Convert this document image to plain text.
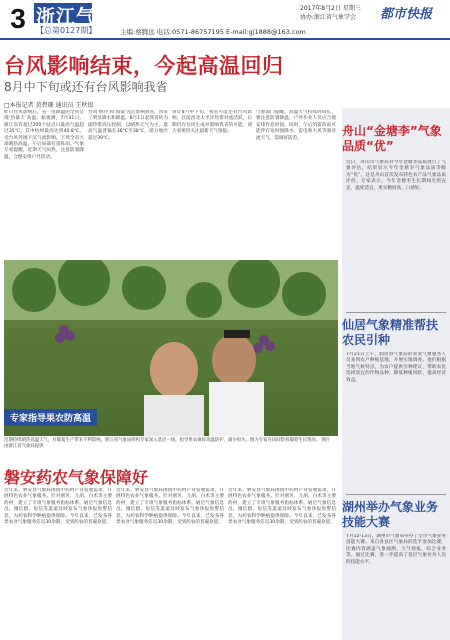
3 浙江气象
【总第0127期】	主编:蔡腾远 电话:0571-86757195 E-mail:gj1888@163.com
2017年8月2日 星期三
协办:浙江省气象学会	都市快报
台风影响结束，今起高温回归
8月中下旬或还有台风影响我省
□本报记者 黄碧珊 通讯员 王秋银
昨日台风影响后，省一度降温的全省呈现‘热暴天’高温。据观测，7月31日，浙江省有超过200个站点日最高气温超过35℃，其中杭州最高达到40.8℃。受台风外围下沉气流影响，下周全省大部晴热高温，午后局部有雷阵雨。气象专家提醒，近期天气闷热，注意防暑降温，合理安排户外活动。
台风‘纳沙’和‘海棠’先后影响我省，带来了明显降水和降温。8月1日起我省转为副热带高压控制，以晴热天气为主，最高气温普遍在36℃至38℃，部分地区超过39℃。
预计8月中下旬，我省可能还有台风影响。目前西北太平洋热带对流活跃，后期仍有台风生成并影响我省的可能。请大家密切关注最新天气预报。
气象部门提醒，高温天气持续时间长，要注意防暑降温，户外作业人员应合理安排作息时间。同时，午后的雷阵雨可能伴有短时强降水、雷电和大风等强对流天气，需做好防范。
专家指导果农防高温
近期持续晴热高温天气，对葡萄生产带来不利影响，浙江省气象局组织专家深入基层一线，指导果农做好高温防护，减少损失。图为专家在田间察看葡萄生长情况。 图片由浙江省气象局提供
磐安药农气象保障好
近年来，磐安县气象局围绕中药材产业发展需求，开展特色农业气象服务。针对浙贝、元胡、白术等主要药材，建立了专项气象服务指标体系，通过气象信息员、微信群、短信等渠道及时发布气象预报预警信息，为药农科学种植提供保障。今年以来，已发布各类农业气象服务信息30余期，受到药农的普遍欢迎。
近年来，磐安县气象局围绕中药材产业发展需求，开展特色农业气象服务。针对浙贝、元胡、白术等主要药材，建立了专项气象服务指标体系，通过气象信息员、微信群、短信等渠道及时发布气象预报预警信息，为药农科学种植提供保障。今年以来，已发布各类农业气象服务信息30余期，受到药农的普遍欢迎。
近年来，磐安县气象局围绕中药材产业发展需求，开展特色农业气象服务。针对浙贝、元胡、白术等主要药材，建立了专项气象服务指标体系，通过气象信息员、微信群、短信等渠道及时发布气象预报预警信息，为药农科学种植提供保障。今年以来，已发布各类农业气象服务信息30余期，受到药农的普遍欢迎。
舟山“金塘李”气象品质“优”
近日，舟山市气象局对今年金塘李品质进行了气象评估，结果显示今年金塘李气象品质等级为“优”。这是舟山首次发布特色农产品气象品质评价。专家表示，今年金塘李生长期间光照充足、温度适宜，果实糖度高、口感好。
仙居气象精准帮扶农民引种
7月21日上午，仙居县气象局的农业气象服务人员来到农户种植基地，开展实地调查。他们根据当地气候特点，为农户提供引种建议，帮助农民选择适宜的作物品种，降低种植风险，提高经济效益。
湖州举办气象业务技能大赛
7月12-13日，湖州市气象局举办了全市气象业务技能大赛。来自各县区气象局的选手参加比赛，比赛内容涵盖气象观测、天气预报、综合业务等。通过比赛，进一步提高了基层气象业务人员的技能水平。
